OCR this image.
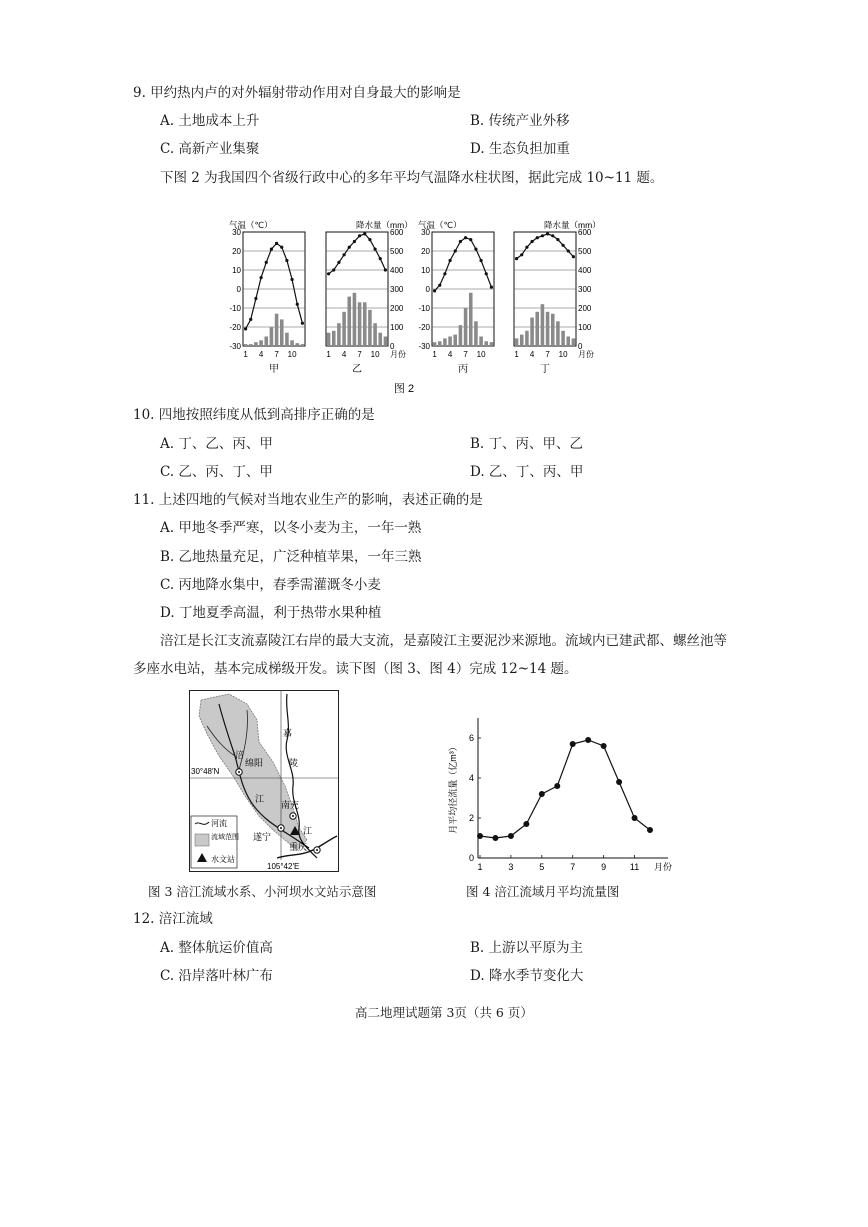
9. 甲约热内卢的对外辐射带动作用对自身最大的影响是
A. 土地成本上升	B. 传统产业外移
C. 高新产业集聚	D. 生态负担加重
下图 2 为我国四个省级行政中心的多年平均气温降水柱状图，据此完成 10~11 题。
1 4 7 10
30
20
10
0
-10
-20
-30
气温（℃）
甲
1 4 7 10
600
500
400
300
200
100
0
降水量（mm）
月份
乙
1 4 7 10
30
20
10
0
-10
-20
-30
气温（℃）
丙
1 4 7 10
600
500
400
300
200
100
0
降水量（mm）
月份
丁
图 2
10. 四地按照纬度从低到高排序正确的是
A. 丁、乙、丙、甲	B. 丁、丙、甲、乙
C. 乙、丙、丁、甲	D. 乙、丁、丙、甲
11. 上述四地的气候对当地农业生产的影响，表述正确的是
A. 甲地冬季严寒，以冬小麦为主，一年一熟
B. 乙地热量充足，广泛种植苹果，一年三熟
C. 丙地降水集中，春季需灌溉冬小麦
D. 丁地夏季高温，利于热带水果种植
涪江是长江支流嘉陵江右岸的最大支流，是嘉陵江主要泥沙来源地。流域内已建武都、螺丝池等
多座水电站，基本完成梯级开发。读下图（图 3、图 4）完成 12~14 题。
绵阳
南充
遂宁
重庆
涪
江
嘉
陵
江
30°48′N
105°42′E
河流
流域范围
水文站
1	3	5	7	9	11
0
2
4
6
月份
月平均径流量（亿m³）
图 3 涪江流域水系、小河坝水文站示意图	图 4 涪江流域月平均流量图
12. 涪江流域
A. 整体航运价值高	B. 上游以平原为主
C. 沿岸落叶林广布	D. 降水季节变化大
高二地理试题第 3页（共 6 页）
